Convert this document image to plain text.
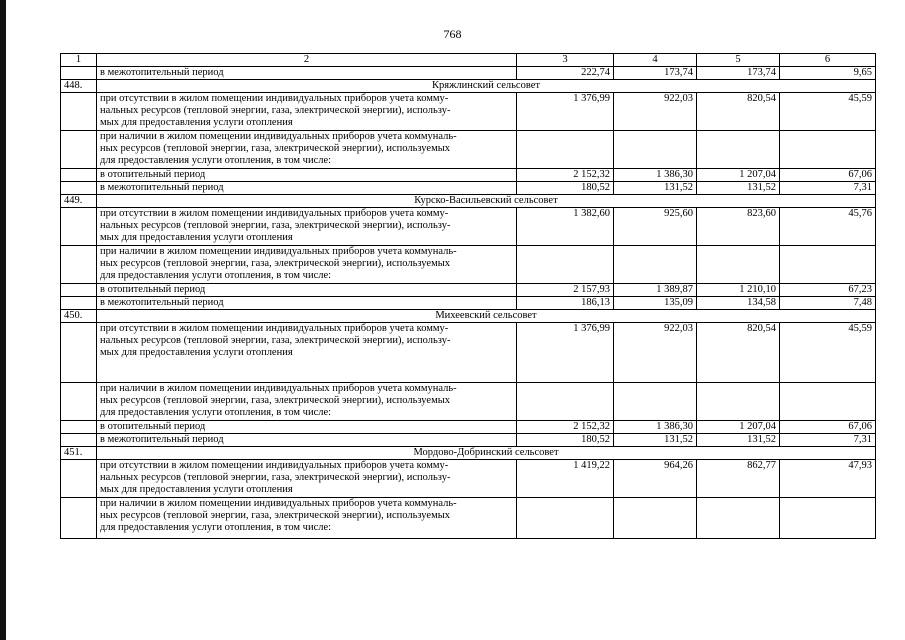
768
1	2	3	4	5	6
	в межотопительный период	222,74	173,74	173,74	9,65
448.	Кряжлинский сельсовет				

	при отсутствии в жилом помещении индивидуальных приборов учета комму-
нальных ресурсов (тепловой энергии, газа, электрической энергии), использу-
мых для предоставления услуги отопления	1 376,99	922,03	820,54	45,59

	при наличии в жилом помещении индивидуальных приборов учета коммуналь-
ных ресурсов (тепловой энергии, газа, электрической энергии), используемых
для предоставления услуги отопления, в том числе:				

	в отопительный период	2 152,32	1 386,30	1 207,04	67,06
	в межотопительный период	180,52	131,52	131,52	7,31
449.	Курско-Васильевский сельсовет				

	при отсутствии в жилом помещении индивидуальных приборов учета комму-
нальных ресурсов (тепловой энергии, газа, электрической энергии), использу-
мых для предоставления услуги отопления	1 382,60	925,60	823,60	45,76

	при наличии в жилом помещении индивидуальных приборов учета коммуналь-
ных ресурсов (тепловой энергии, газа, электрической энергии), используемых
для предоставления услуги отопления, в том числе:				

	в отопительный период	2 157,93	1 389,87	1 210,10	67,23
	в межотопительный период	186,13	135,09	134,58	7,48
450.	Михеевский сельсовет				

	при отсутствии в жилом помещении индивидуальных приборов учета комму-
нальных ресурсов (тепловой энергии, газа, электрической энергии), использу-
мых для предоставления услуги отопления	1 376,99	922,03	820,54	45,59

	при наличии в жилом помещении индивидуальных приборов учета коммуналь-
ных ресурсов (тепловой энергии, газа, электрической энергии), используемых
для предоставления услуги отопления, в том числе:				

	в отопительный период	2 152,32	1 386,30	1 207,04	67,06
	в межотопительный период	180,52	131,52	131,52	7,31
451.	Мордово-Добринский сельсовет				

	при отсутствии в жилом помещении индивидуальных приборов учета комму-
нальных ресурсов (тепловой энергии, газа, электрической энергии), использу-
мых для предоставления услуги отопления	1 419,22	964,26	862,77	47,93

	при наличии в жилом помещении индивидуальных приборов учета коммуналь-
ных ресурсов (тепловой энергии, газа, электрической энергии), используемых
для предоставления услуги отопления, в том числе:				
